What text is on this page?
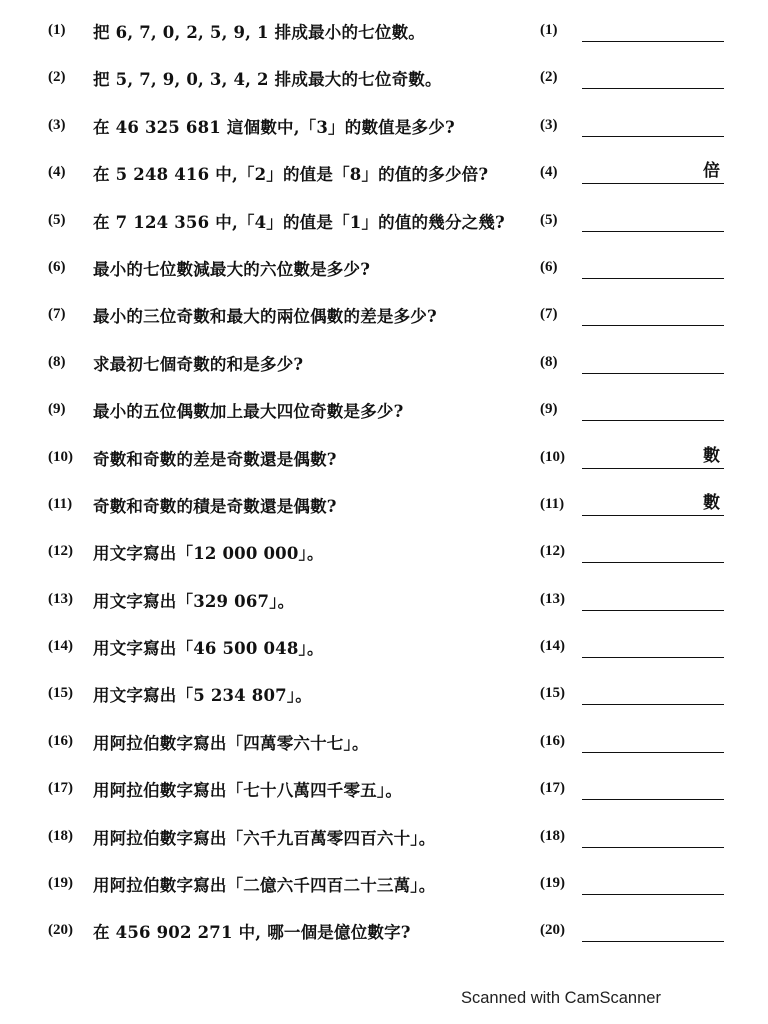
(1) 把 6, 7, 0, 2, 5, 9, 1 排成最小的七位數。	(1)
(2) 把 5, 7, 9, 0, 3, 4, 2 排成最大的七位奇數。	(2)
(3) 在 46 325 681 這個數中,「3」的數值是多少?	(3)
(4) 在 5 248 416 中,「2」的值是「8」的值的多少倍?	(4)	倍
(5) 在 7 124 356 中,「4」的值是「1」的值的幾分之幾?	(5)
(6) 最小的七位數減最大的六位數是多少?	(6)
(7) 最小的三位奇數和最大的兩位偶數的差是多少?	(7)
(8) 求最初七個奇數的和是多少?	(8)
(9) 最小的五位偶數加上最大四位奇數是多少?	(9)
(10) 奇數和奇數的差是奇數還是偶數?	(10)	數
(11) 奇數和奇數的積是奇數還是偶數?	(11)	數
(12) 用文字寫出「12 000 000」。	(12)
(13) 用文字寫出「329 067」。	(13)
(14) 用文字寫出「46 500 048」。	(14)
(15) 用文字寫出「5 234 807」。	(15)
(16) 用阿拉伯數字寫出「四萬零六十七」。	(16)
(17) 用阿拉伯數字寫出「七十八萬四千零五」。	(17)
(18) 用阿拉伯數字寫出「六千九百萬零四百六十」。	(18)
(19) 用阿拉伯數字寫出「二億六千四百二十三萬」。	(19)
(20) 在 456 902 271 中, 哪一個是億位數字?	(20)
Scanned with CamScanner
